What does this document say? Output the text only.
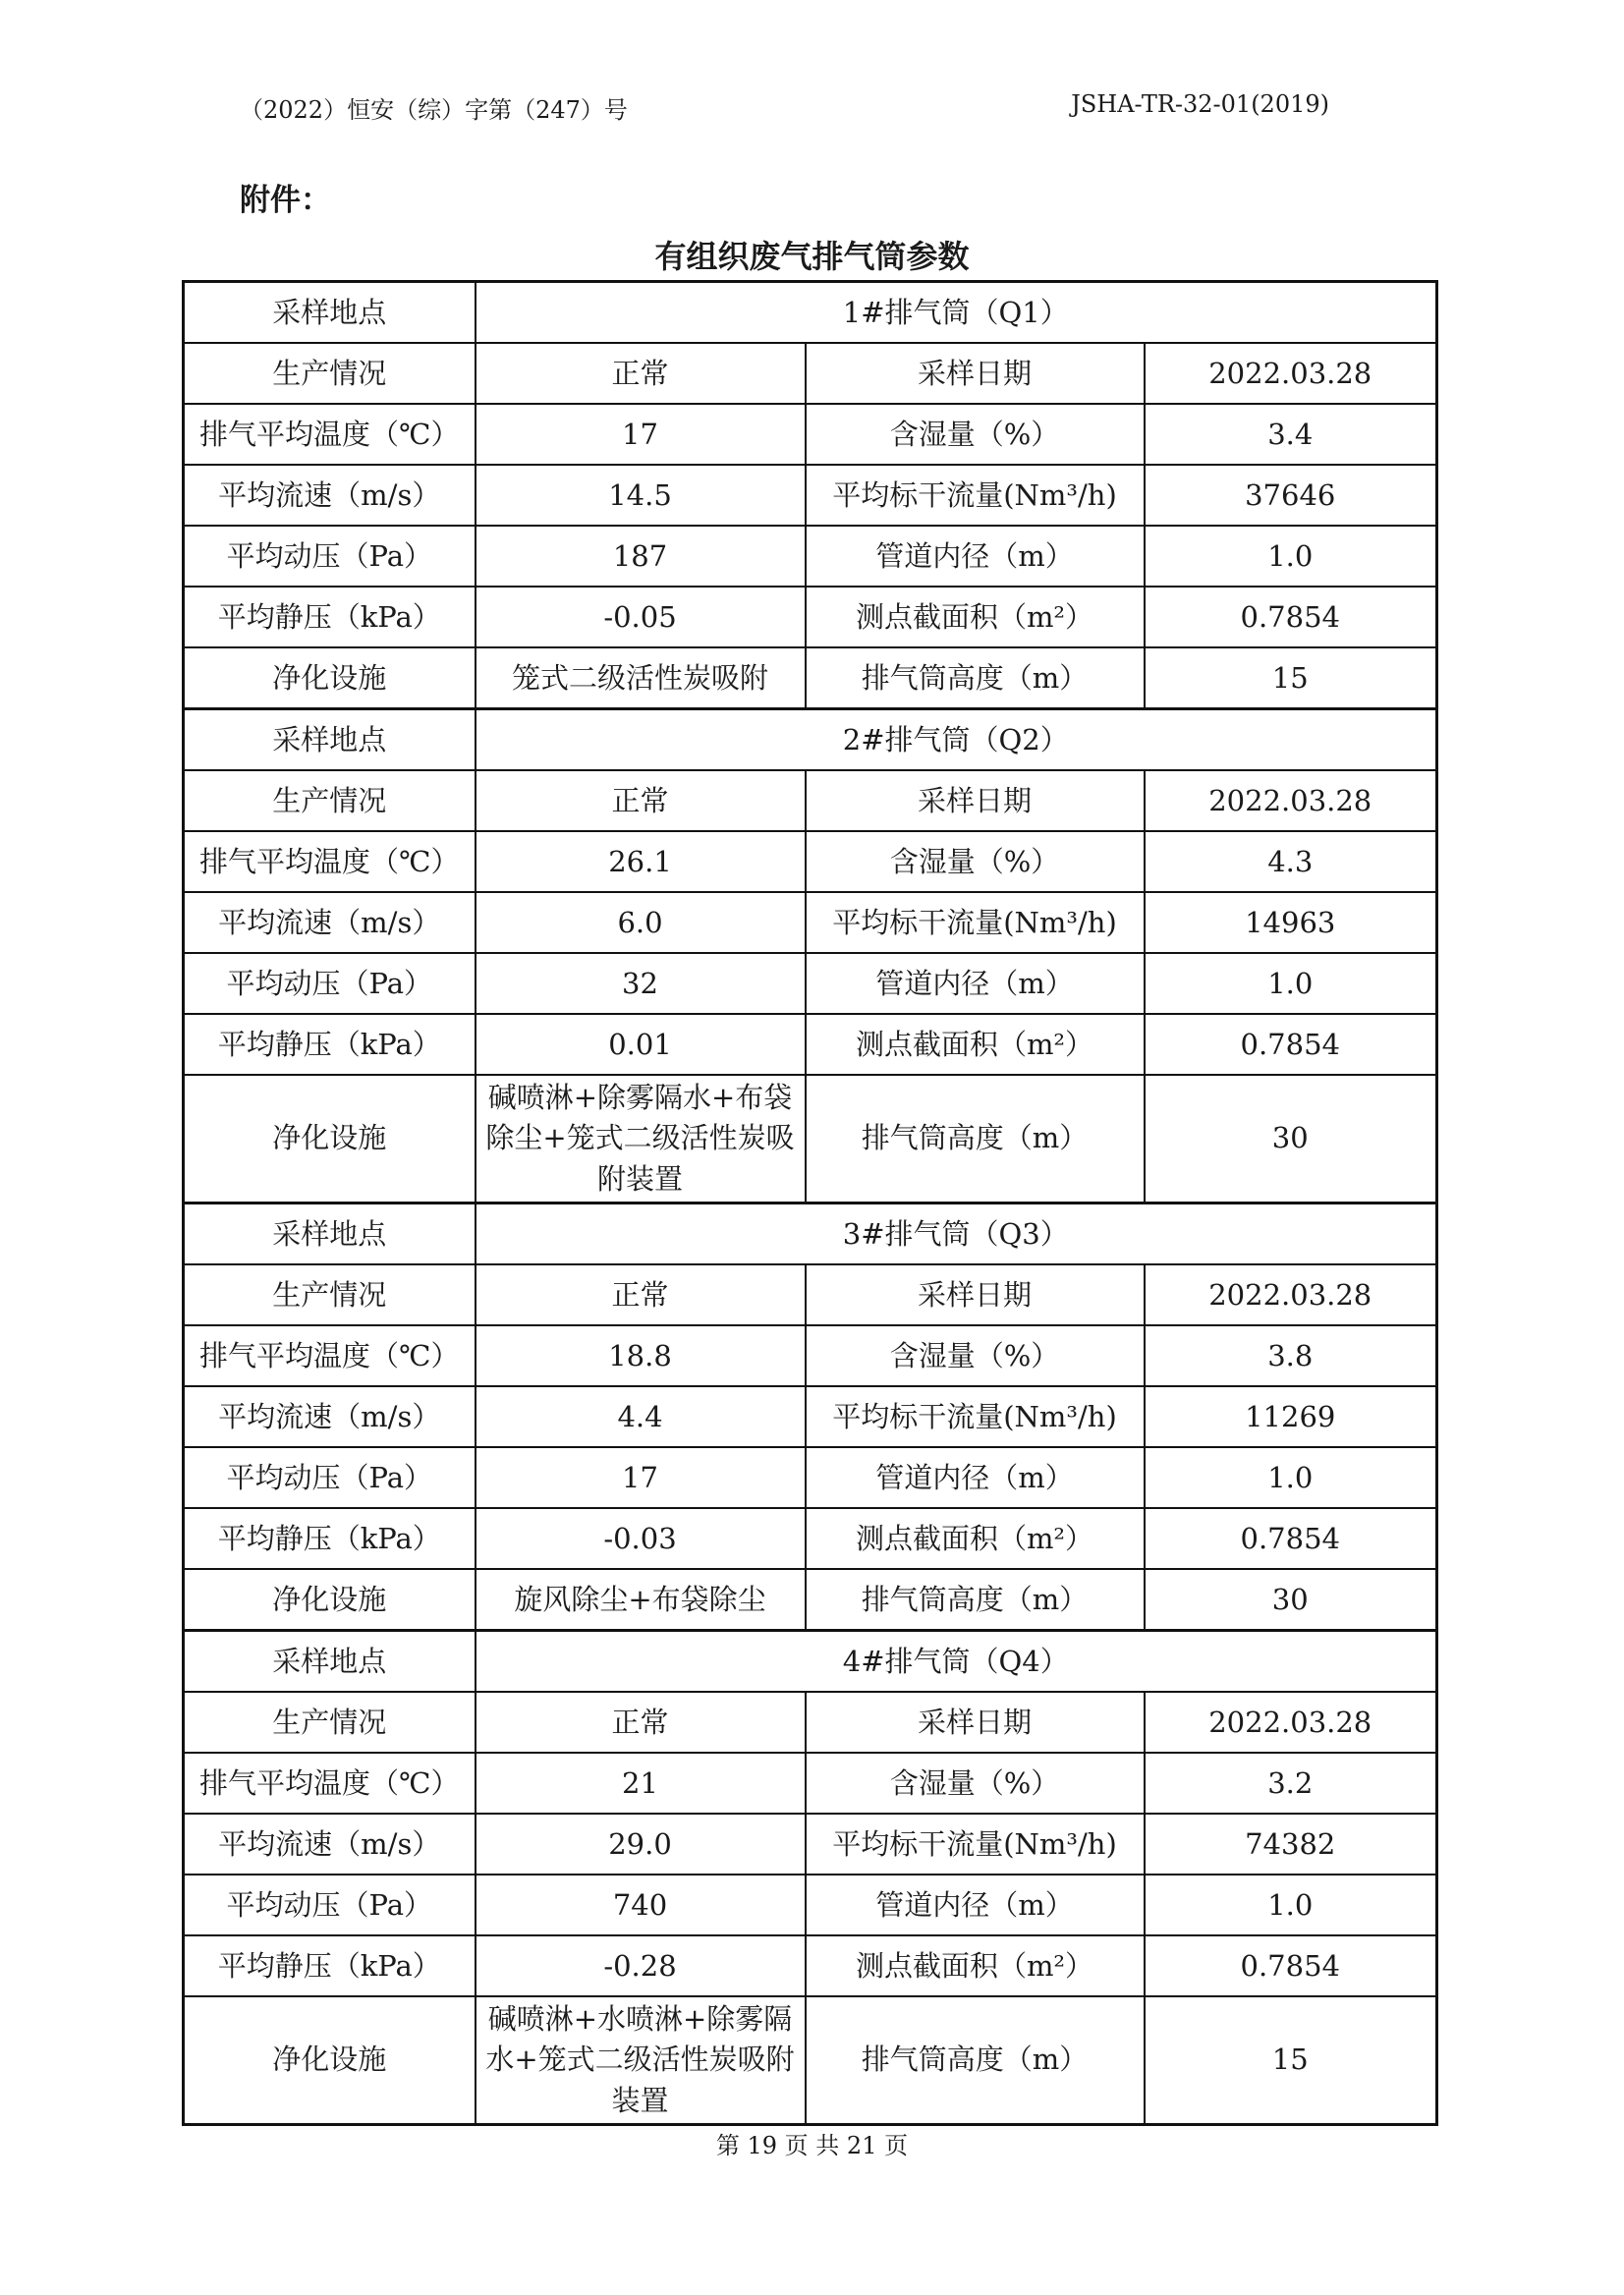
（2022）恒安（综）字第（247）号	JSHA-TR-32-01(2019)
附件：
有组织废气排气筒参数
采样地点	1#排气筒（Q1）		
生产情况	正常	采样日期	2022.03.28
排气平均温度（℃）	17	含湿量（%）	3.4
平均流速（m/s）	14.5	平均标干流量(Nm³/h)	37646
平均动压（Pa）	187	管道内径（m）	1.0
平均静压（kPa）	-0.05	测点截面积（m²）	0.7854
净化设施	笼式二级活性炭吸附	排气筒高度（m）	15
采样地点	2#排气筒（Q2）		
生产情况	正常	采样日期	2022.03.28
排气平均温度（℃）	26.1	含湿量（%）	4.3
平均流速（m/s）	6.0	平均标干流量(Nm³/h)	14963
平均动压（Pa）	32	管道内径（m）	1.0
平均静压（kPa）	0.01	测点截面积（m²）	0.7854
净化设施	碱喷淋+除雾隔水+布袋除尘+笼式二级活性炭吸附装置	排气筒高度（m）	30
采样地点	3#排气筒（Q3）		
生产情况	正常	采样日期	2022.03.28
排气平均温度（℃）	18.8	含湿量（%）	3.8
平均流速（m/s）	4.4	平均标干流量(Nm³/h)	11269
平均动压（Pa）	17	管道内径（m）	1.0
平均静压（kPa）	-0.03	测点截面积（m²）	0.7854
净化设施	旋风除尘+布袋除尘	排气筒高度（m）	30
采样地点	4#排气筒（Q4）		
生产情况	正常	采样日期	2022.03.28
排气平均温度（℃）	21	含湿量（%）	3.2
平均流速（m/s）	29.0	平均标干流量(Nm³/h)	74382
平均动压（Pa）	740	管道内径（m）	1.0
平均静压（kPa）	-0.28	测点截面积（m²）	0.7854
净化设施	碱喷淋+水喷淋+除雾隔水+笼式二级活性炭吸附装置	排气筒高度（m）	15
第 19 页 共 21 页
